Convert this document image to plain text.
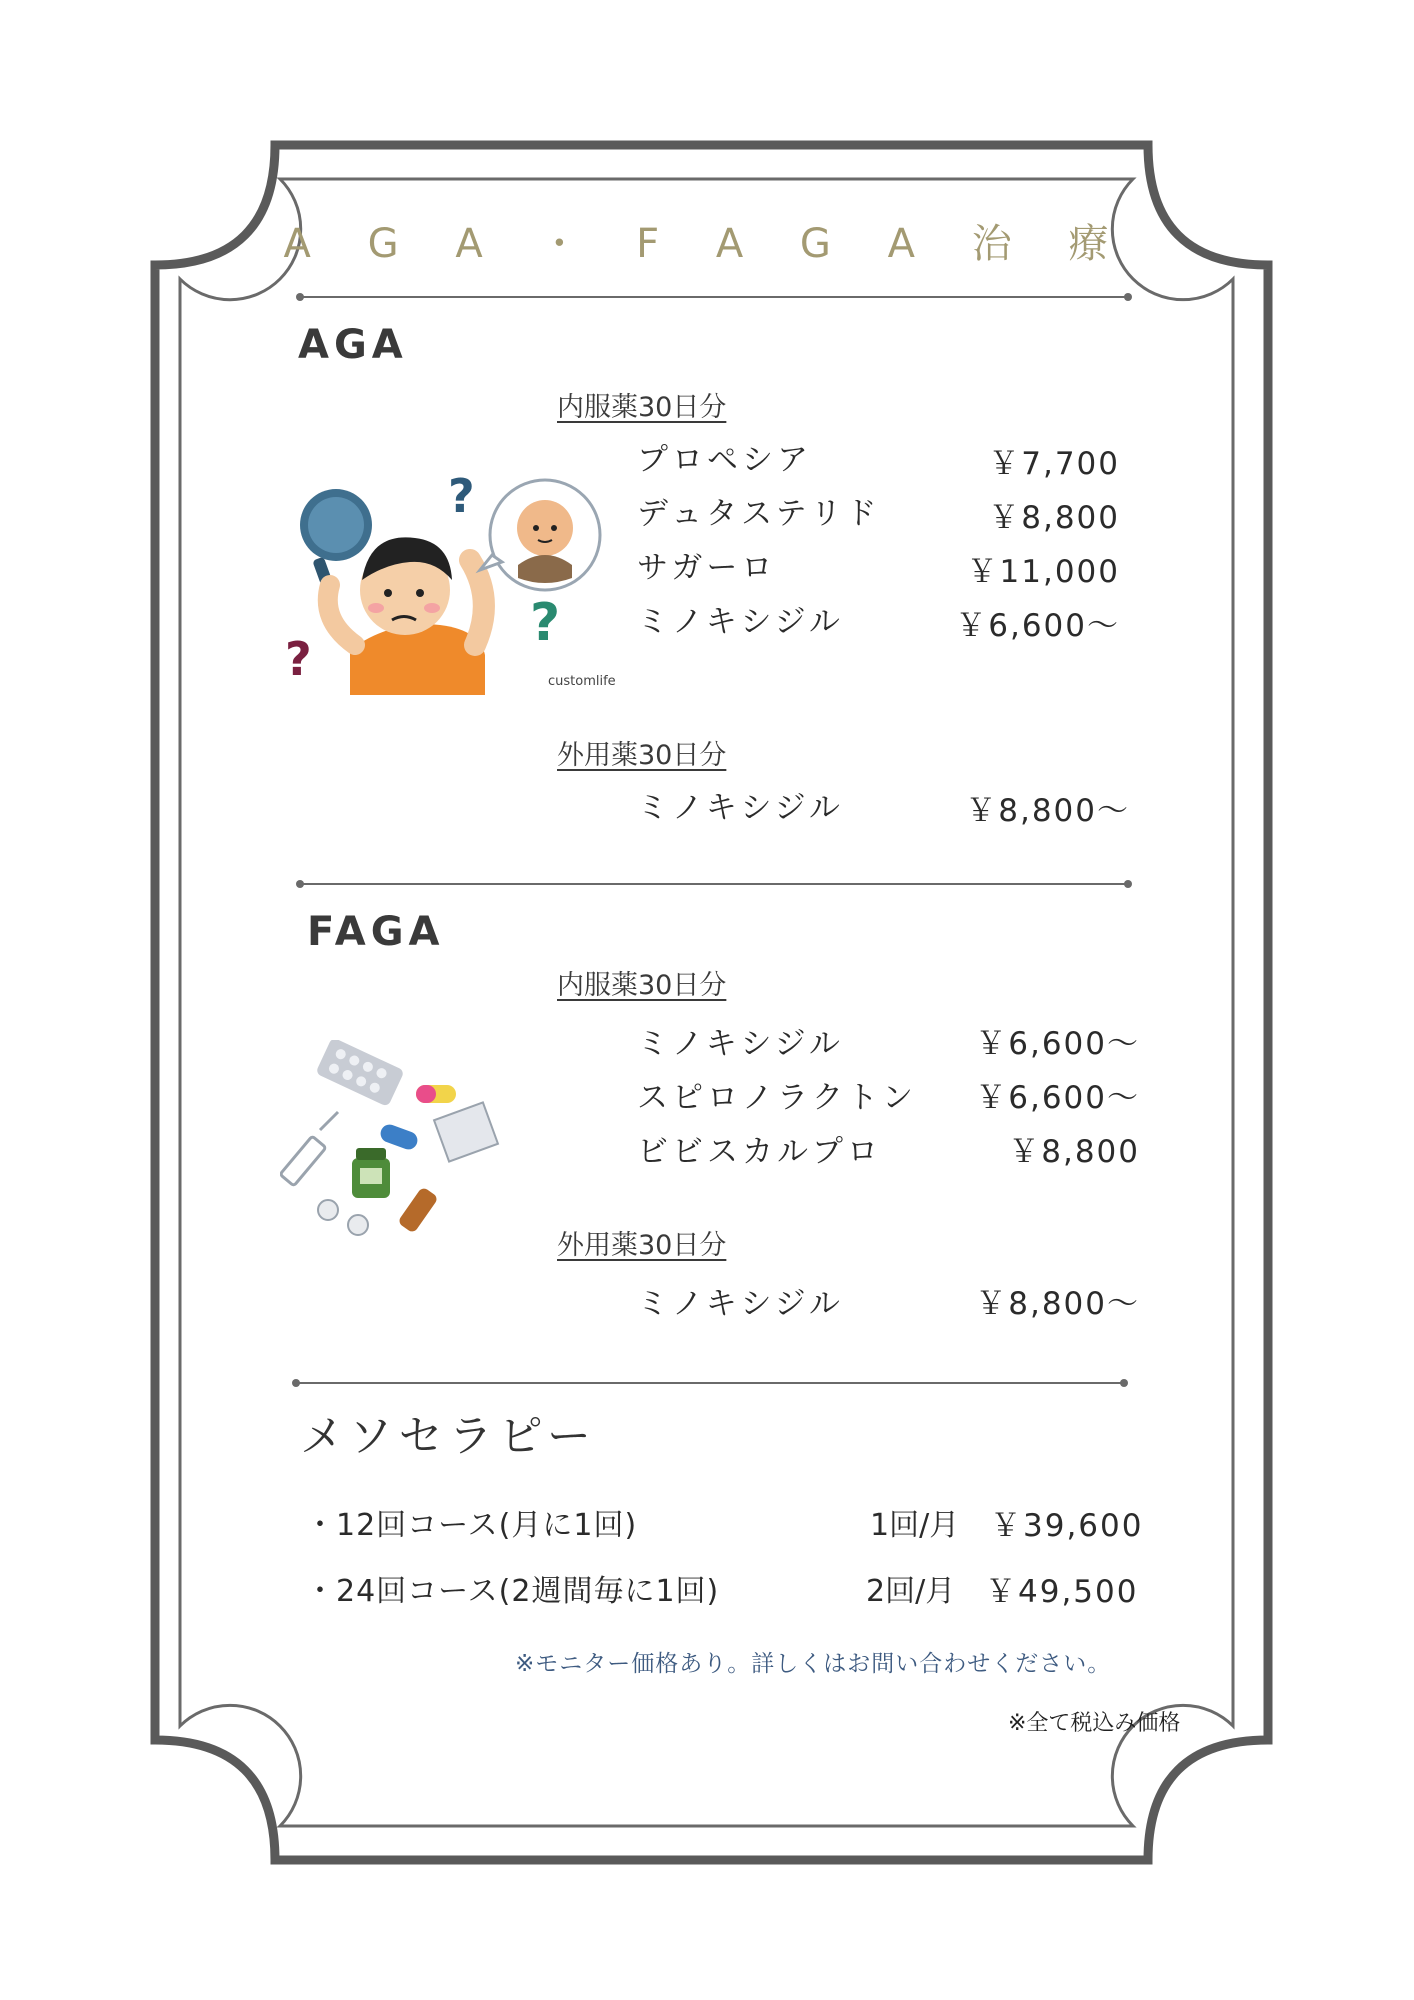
A G A ・ F A G A 治 療
AGA
内服薬30日分
プロペシア	￥7,700
デュタステリド	￥8,800
サガーロ	￥11,000
ミノキシジル	￥6,600～
外用薬30日分
ミノキシジル	￥8,800～
?
?
?
customlife
FAGA
内服薬30日分
ミノキシジル	￥6,600～
スピロノラクトン	￥6,600～
ビビスカルプロ	￥8,800
外用薬30日分
ミノキシジル	￥8,800～
メソセラピー
・12回コース(月に1回)	1回/月 ￥39,600
・24回コース(2週間毎に1回)	2回/月 ￥49,500
※モニター価格あり。詳しくはお問い合わせください。
※全て税込み価格
